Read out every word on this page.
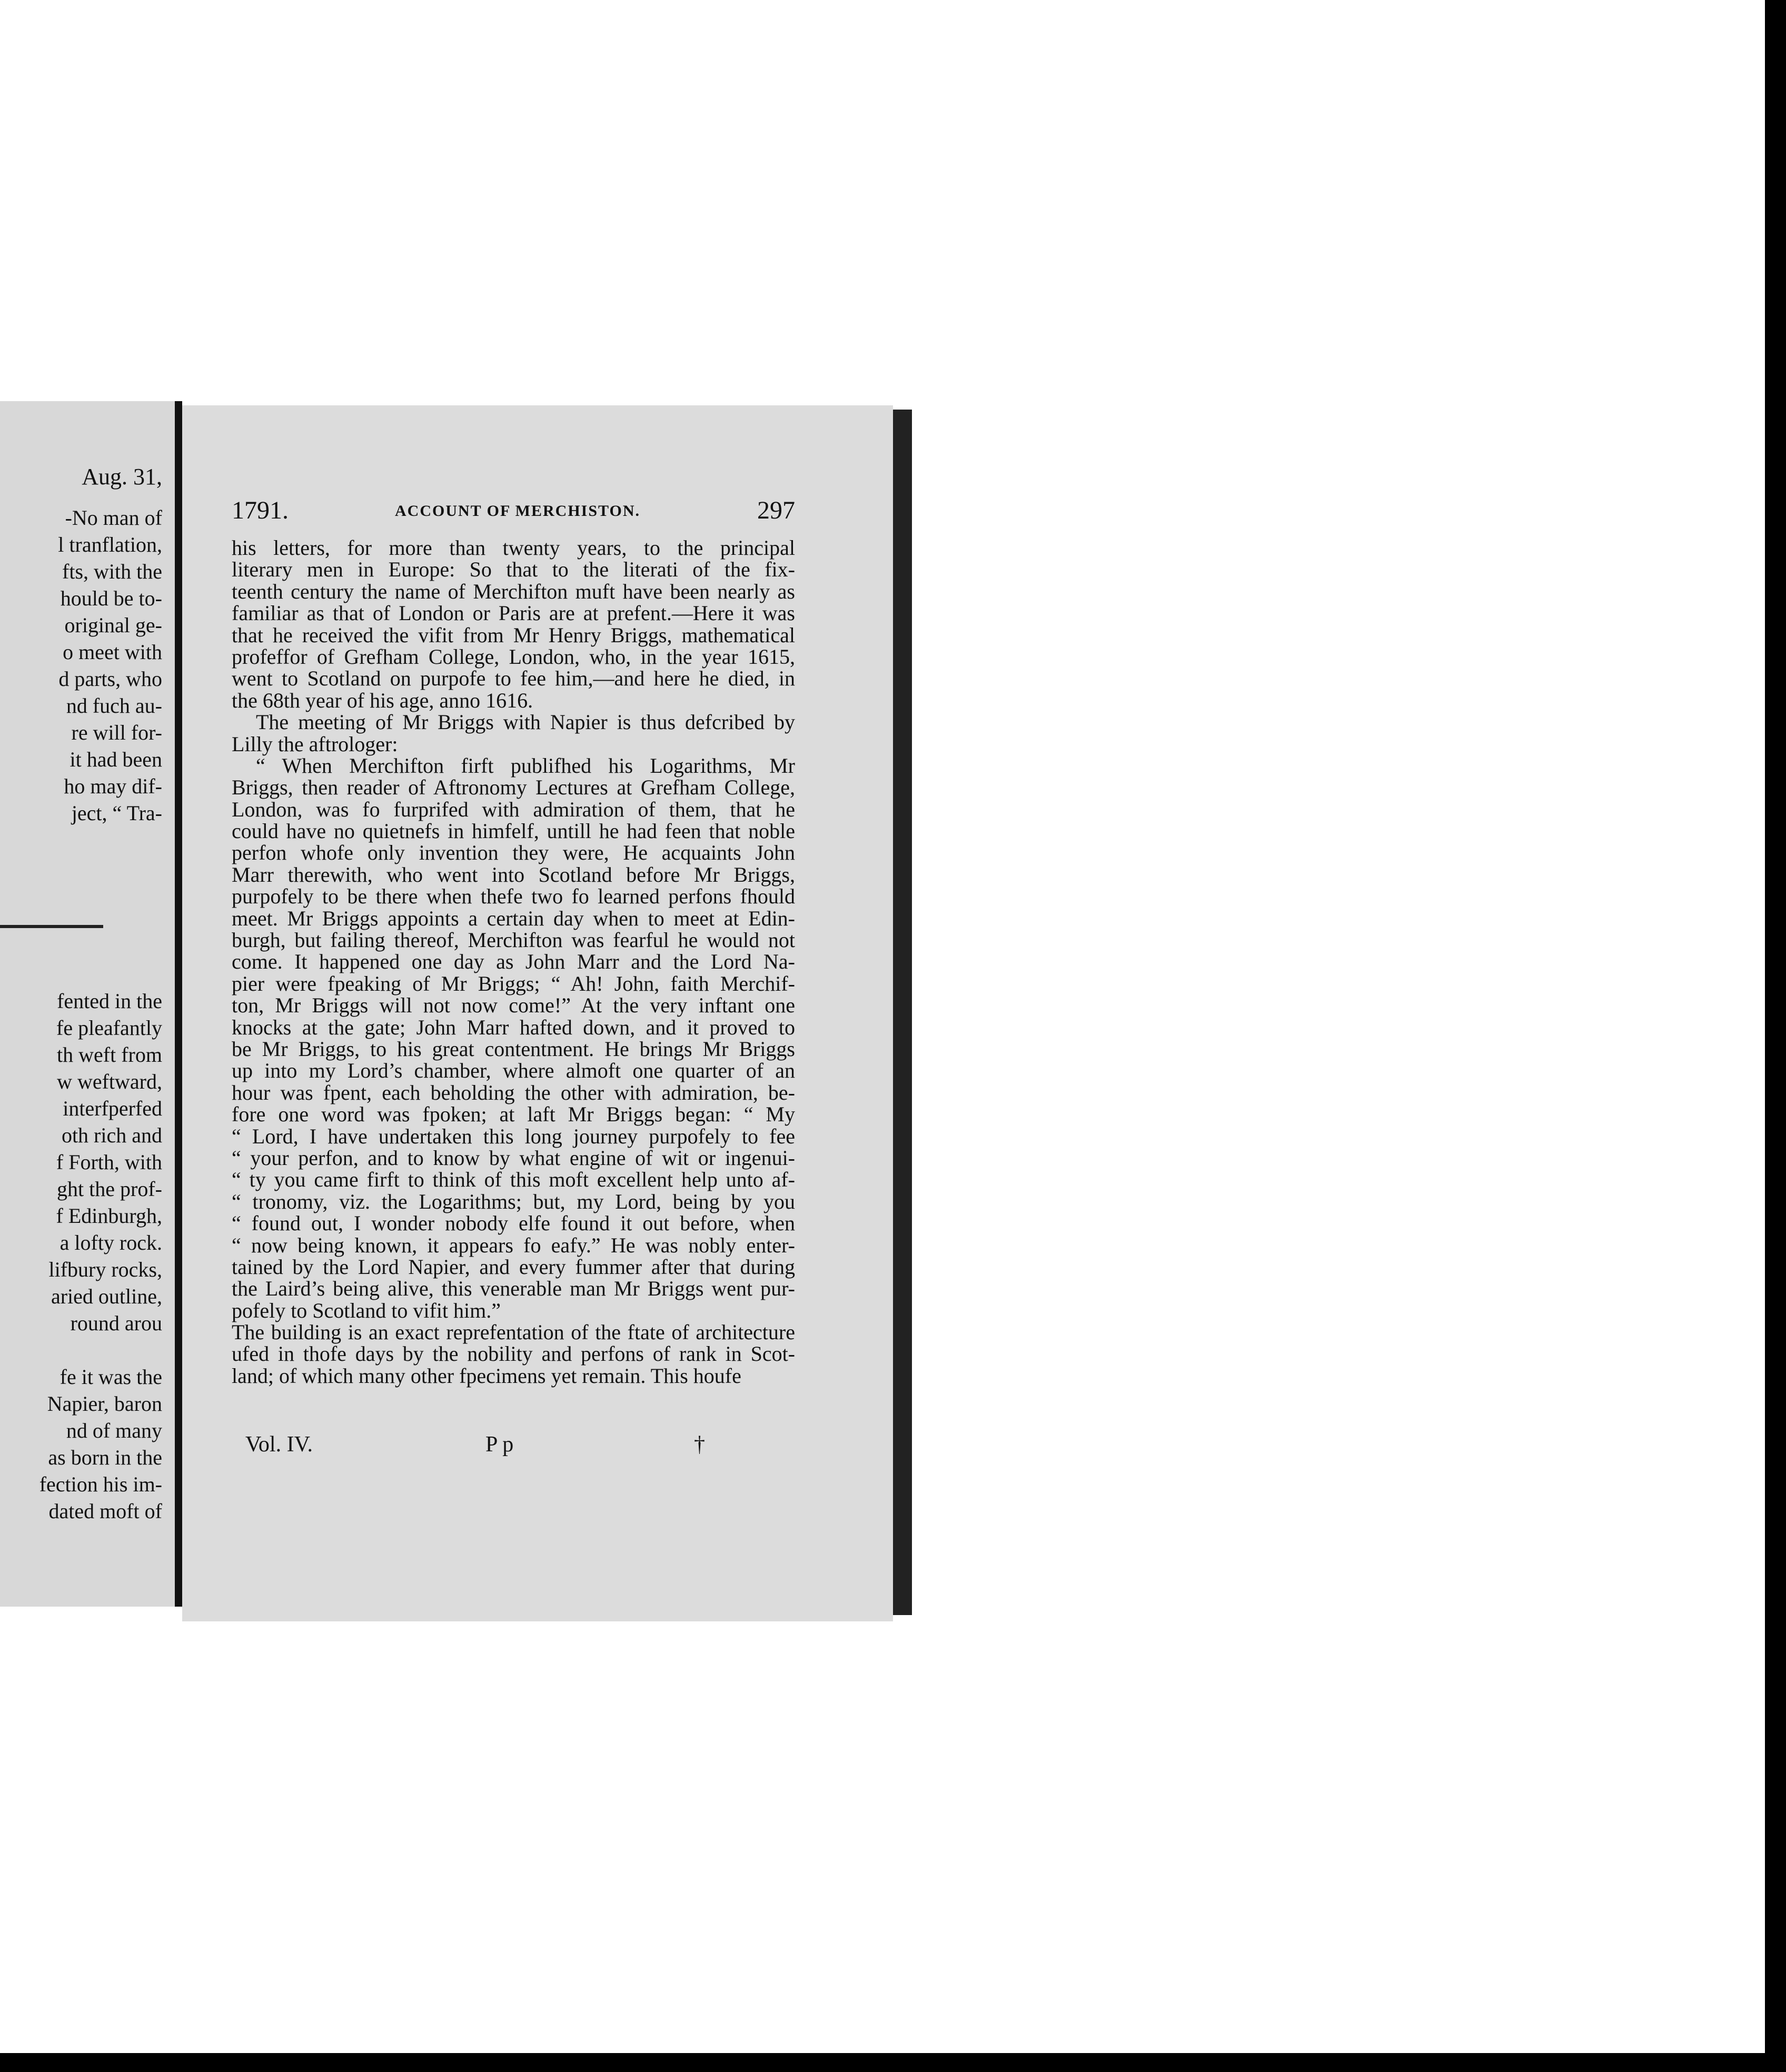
Aug. 31,
-No man of
l tranflation,
fts, with the
hould be to-
original ge-
o meet with
d parts, who
nd fuch au-
re will for-
it had been
ho may dif-
ject, “ Tra-
fented in the
fe pleafantly
th weft from
w weftward,
interfperfed
oth rich and
f Forth, with
ght the prof-
f Edinburgh,
a lofty rock.
lifbury rocks,
aried outline,
round arou
fe it was the
Napier, baron
nd of many
as born in the
fection his im-
dated moft of
1791.	ACCOUNT OF MERCHISTON.	297
his letters, for more than twenty years, to the principal
literary men in Europe: So that to the literati of the fix-
teenth century the name of Merchifton muft have been nearly as
familiar as that of London or Paris are at prefent.—Here it was
that he received the vifit from Mr Henry Briggs, mathematical
profeffor of Grefham College, London, who, in the year 1615,
went to Scotland on purpofe to fee him,—and here he died, in
the 68th year of his age, anno 1616.
The meeting of Mr Briggs with Napier is thus defcribed by
Lilly the aftrologer:
“ When Merchifton firft publifhed his Logarithms, Mr
Briggs, then reader of Aftronomy Lectures at Grefham College,
London, was fo furprifed with admiration of them, that he
could have no quietnefs in himfelf, untill he had feen that noble
perfon whofe only invention they were, He acquaints John
Marr therewith, who went into Scotland before Mr Briggs,
purpofely to be there when thefe two fo learned perfons fhould
meet. Mr Briggs appoints a certain day when to meet at Edin-
burgh, but failing thereof, Merchifton was fearful he would not
come. It happened one day as John Marr and the Lord Na-
pier were fpeaking of Mr Briggs; “ Ah! John, faith Merchif-
ton, Mr Briggs will not now come!” At the very inftant one
knocks at the gate; John Marr hafted down, and it proved to
be Mr Briggs, to his great contentment. He brings Mr Briggs
up into my Lord’s chamber, where almoft one quarter of an
hour was fpent, each beholding the other with admiration, be-
fore one word was fpoken; at laft Mr Briggs began: “ My
“ Lord, I have undertaken this long journey purpofely to fee
“ your perfon, and to know by what engine of wit or ingenui-
“ ty you came firft to think of this moft excellent help unto af-
“ tronomy, viz. the Logarithms; but, my Lord, being by you
“ found out, I wonder nobody elfe found it out before, when
“ now being known, it appears fo eafy.” He was nobly enter-
tained by the Lord Napier, and every fummer after that during
the Laird’s being alive, this venerable man Mr Briggs went pur-
pofely to Scotland to vifit him.”
The building is an exact reprefentation of the ftate of architecture
ufed in thofe days by the nobility and perfons of rank in Scot-
land; of which many other fpecimens yet remain. This houfe
Vol. IV.	P p	†
